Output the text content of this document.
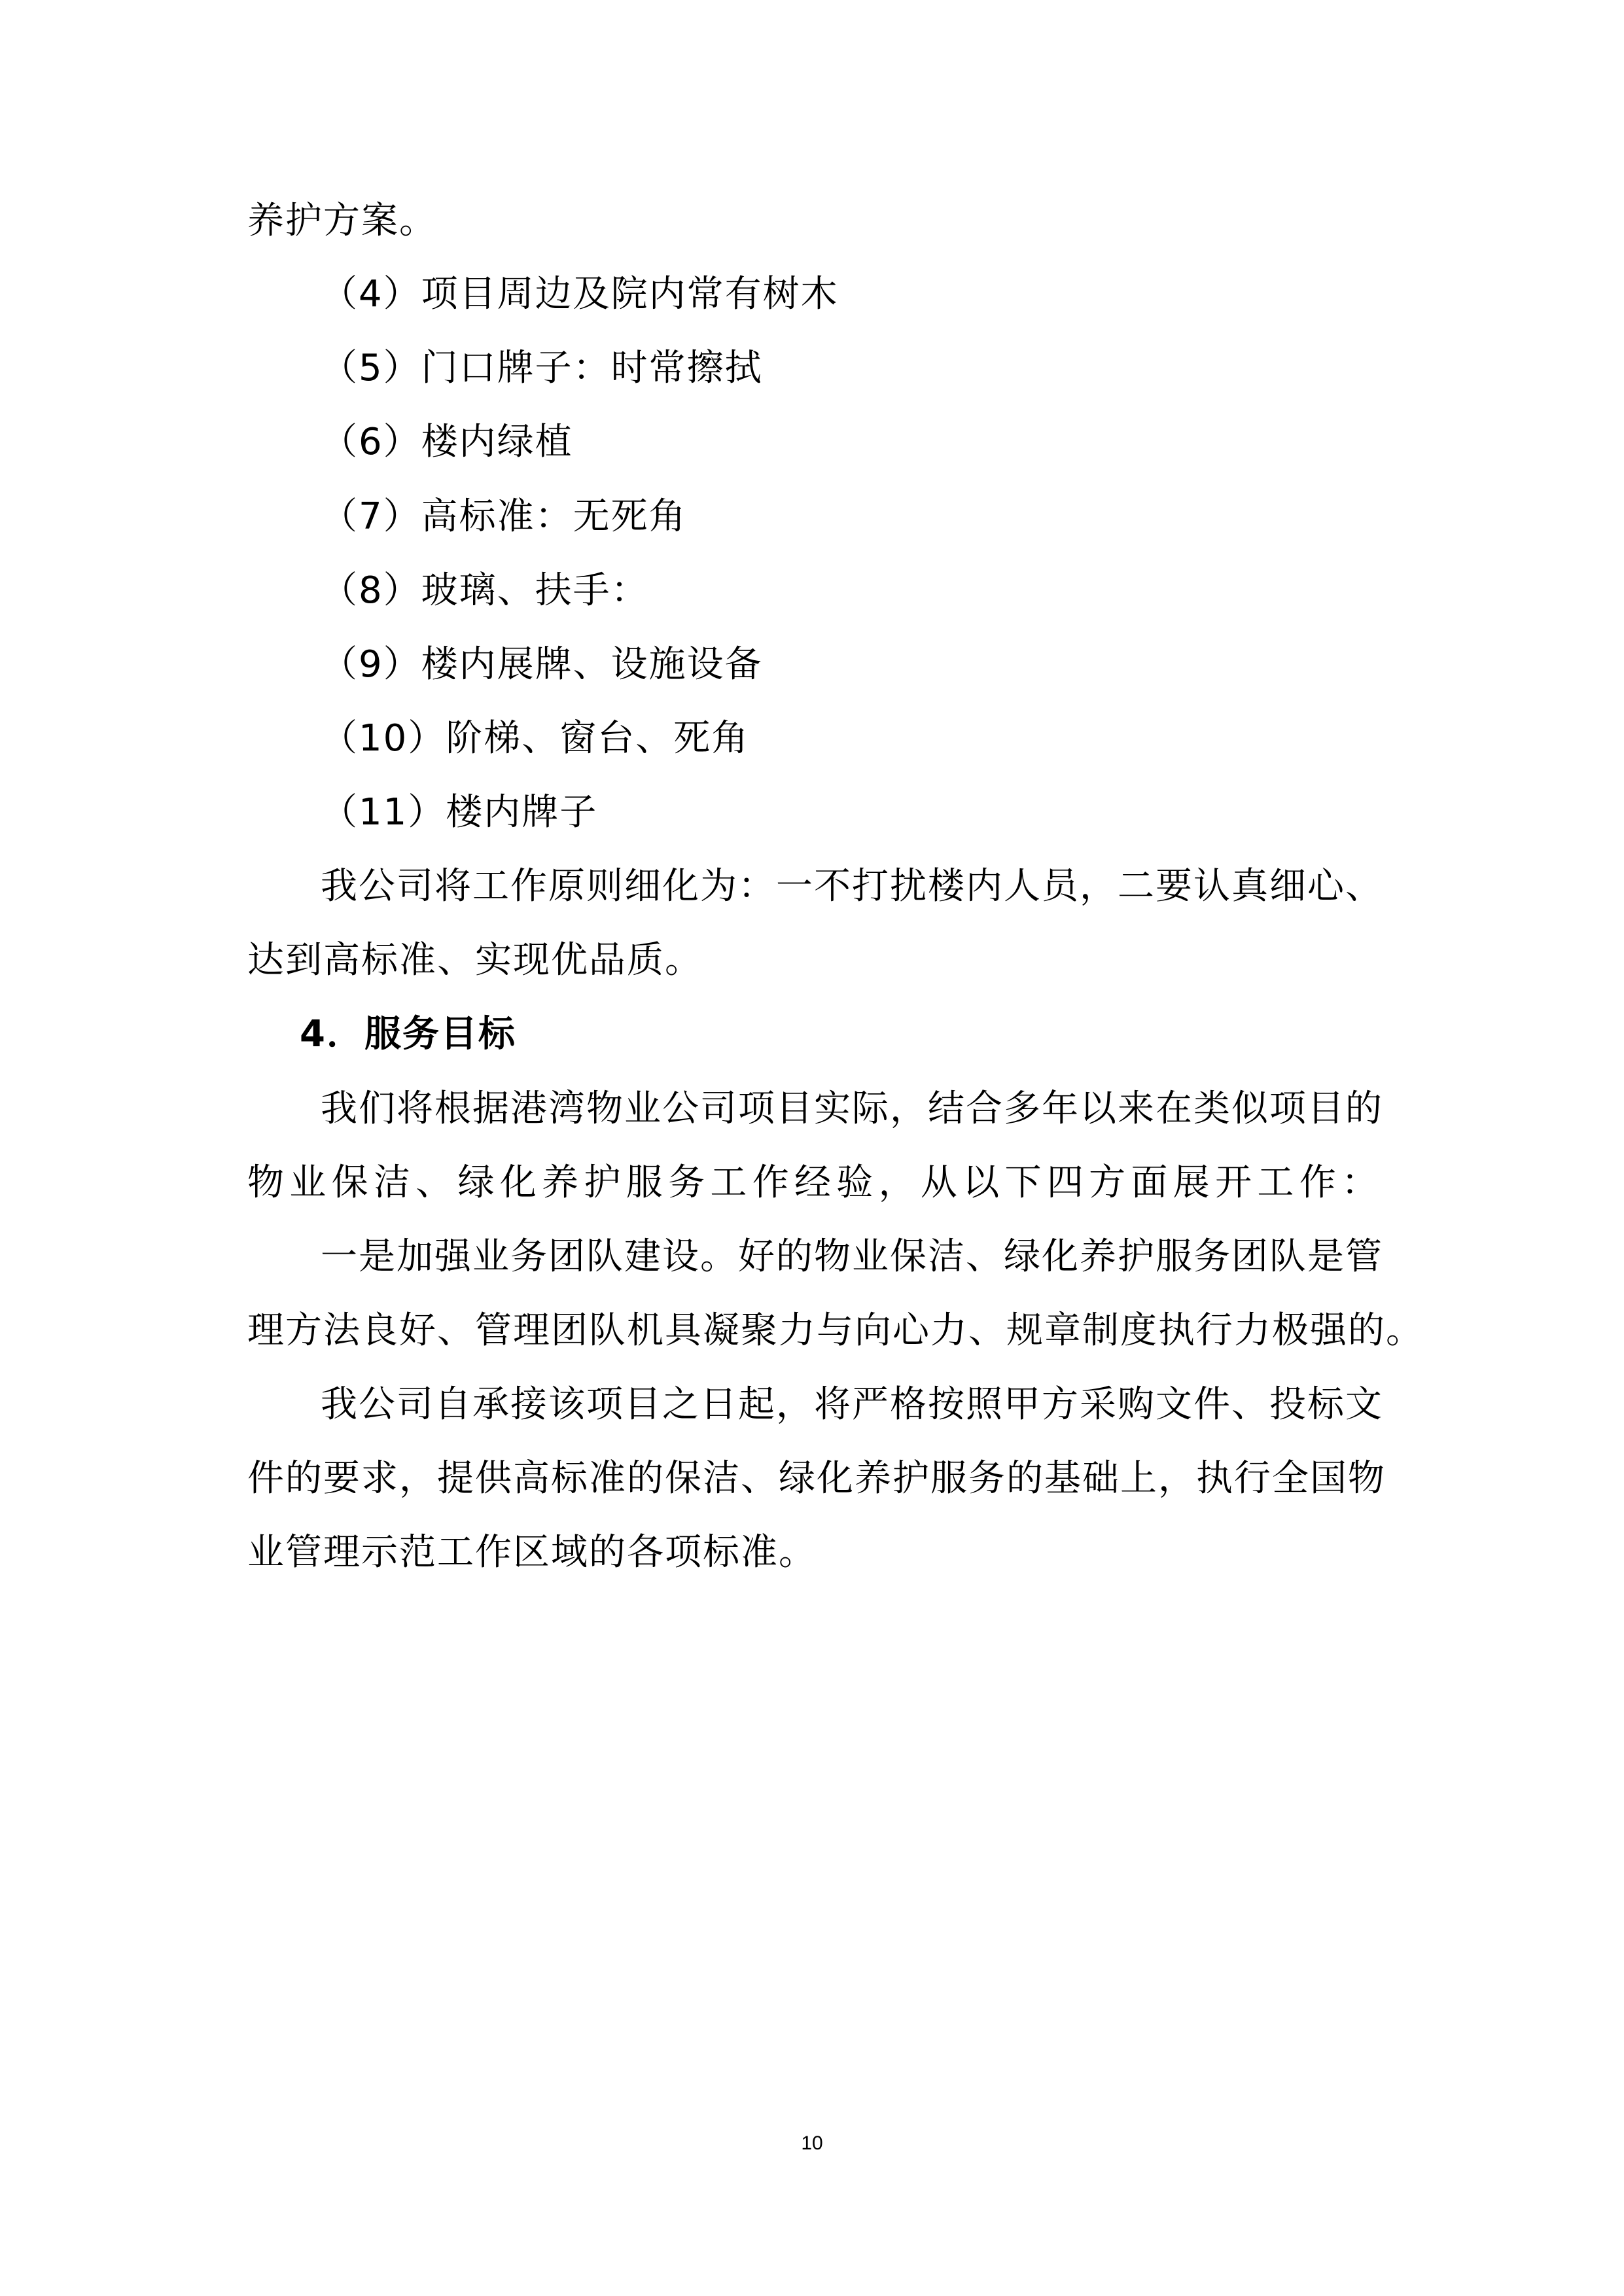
养护方案。
（4）项目周边及院内常有树木
（5）门口牌子：时常擦拭
（6）楼内绿植
（7）高标准：无死角
（8）玻璃、扶手：
（9）楼内展牌、设施设备
（10）阶梯、窗台、死角
（11）楼内牌子
我公司将工作原则细化为：一不打扰楼内人员，二要认真细心、
达到高标准、实现优品质。
4．服务目标
我们将根据港湾物业公司项目实际，结合多年以来在类似项目的
物业保洁、绿化养护服务工作经验，从以下四方面展开工作：
一是加强业务团队建设。好的物业保洁、绿化养护服务团队是管
理方法良好、管理团队机具凝聚力与向心力、规章制度执行力极强的。
我公司自承接该项目之日起，将严格按照甲方采购文件、投标文
件的要求，提供高标准的保洁、绿化养护服务的基础上，执行全国物
业管理示范工作区域的各项标准。
10
